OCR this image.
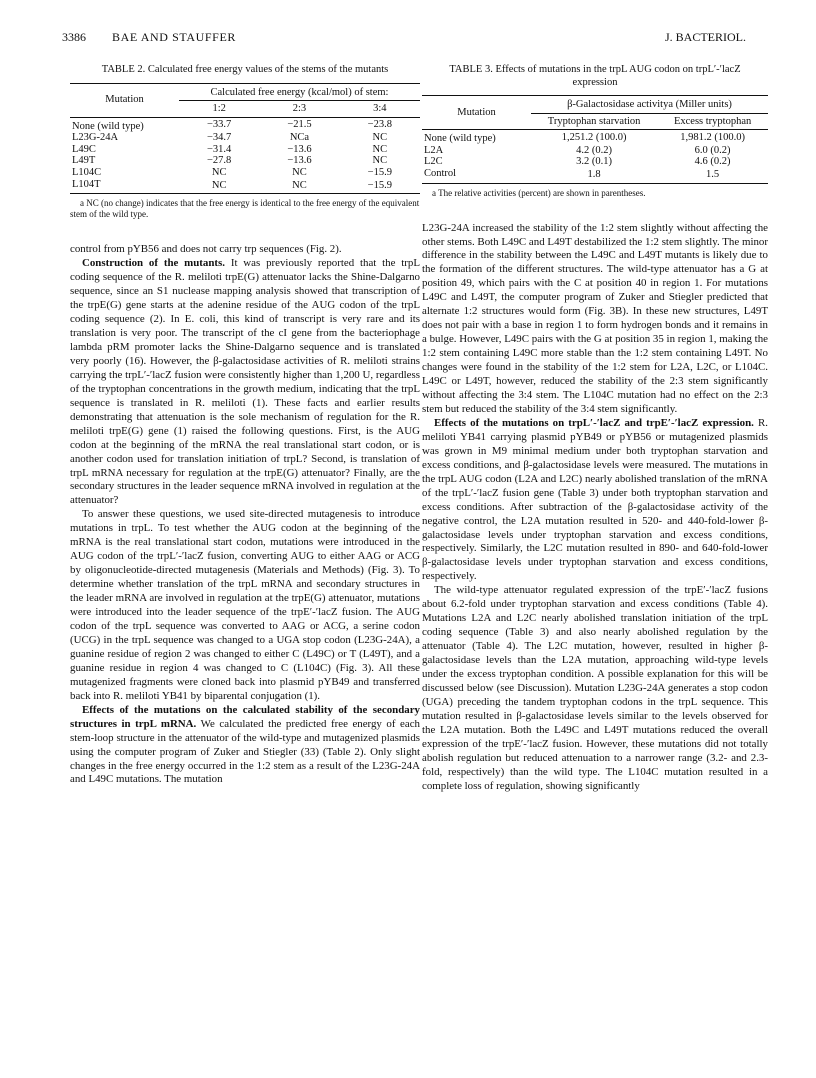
3386 BAE AND STAUFFER	J. BACTERIOL.
TABLE 2. Calculated free energy values of the stems of the mutants
Mutation	Calculated free energy (kcal/mol) of stem:		
	1:2	2:3	3:4
None (wild type)	−33.7	−21.5	−23.8
L23G-24A	−34.7	NCa	NC
L49C	−31.4	−13.6	NC
L49T	−27.8	−13.6	NC
L104C	NC	NC	−15.9
L104T	NC	NC	−15.9
a NC (no change) indicates that the free energy is identical to the free energy of the equivalent stem of the wild type.

control from pYB56 and does not carry trp sequences (Fig. 2).

Construction of the mutants. It was previously reported that the trpL coding sequence of the R. meliloti trpE(G) attenuator lacks the Shine-Dalgarno sequence, since an S1 nuclease mapping analysis showed that transcription of the trpE(G) gene starts at the adenine residue of the AUG codon of the trpL coding sequence (2). In E. coli, this kind of transcript is very rare and its translation is very poor. The transcript of the cI gene from the bacteriophage lambda pRM promoter lacks the Shine-Dalgarno sequence and is translated very poorly (16). However, the β-galactosidase activities of R. meliloti strains carrying the trpL′-′lacZ fusion were consistently higher than 1,200 U, regardless of the tryptophan concentrations in the growth medium, indicating that the trpL sequence is translated in R. meliloti (1). These facts and earlier results demonstrating that attenuation is the sole mechanism of regulation for the R. meliloti trpE(G) gene (1) raised the following questions. First, is the AUG codon at the beginning of the mRNA the real translational start codon, or is another codon used for translation initiation of trpL? Second, is translation of trpL mRNA necessary for regulation at the trpE(G) attenuator? Finally, are the secondary structures in the leader sequence mRNA involved in regulation at the attenuator?

To answer these questions, we used site-directed mutagenesis to introduce mutations in trpL. To test whether the AUG codon at the beginning of the mRNA is the real translational start codon, mutations were introduced in the AUG codon of the trpL′-′lacZ fusion, converting AUG to either AAG or ACG by oligonucleotide-directed mutagenesis (Materials and Methods) (Fig. 3). To determine whether translation of the trpL mRNA and secondary structures in the leader mRNA are involved in regulation at the trpE(G) attenuator, mutations were introduced into the leader sequence of the trpE′-′lacZ fusion. The AUG codon of the trpL sequence was converted to AAG or ACG, a serine codon (UCG) in the trpL sequence was changed to a UGA stop codon (L23G-24A), a guanine residue of region 2 was changed to either C (L49C) or T (L49T), and a guanine residue in region 4 was changed to C (L104C) (Fig. 3). All these mutagenized fragments were cloned back into plasmid pYB49 and transferred back into R. meliloti YB41 by biparental conjugation (1).

Effects of the mutations on the calculated stability of the secondary structures in trpL mRNA. We calculated the predicted free energy of each stem-loop structure in the attenuator of the wild-type and mutagenized plasmids using the computer program of Zuker and Stiegler (33) (Table 2). Only slight changes in the free energy occurred in the 1:2 stem as a result of the L23G-24A and L49C mutations. The mutation

TABLE 3. Effects of mutations in the trpL AUG codon on trpL′-′lacZ expression
Mutation	β-Galactosidase activitya (Miller units)	
	Tryptophan starvation	Excess tryptophan
None (wild type)	1,251.2 (100.0)	1,981.2 (100.0)
L2A	4.2 (0.2)	6.0 (0.2)
L2C	3.2 (0.1)	4.6 (0.2)
Control	1.8	1.5
a The relative activities (percent) are shown in parentheses.

L23G-24A increased the stability of the 1:2 stem slightly without affecting the other stems. Both L49C and L49T destabilized the 1:2 stem slightly. The minor difference in the stability between the L49C and L49T mutants is likely due to the formation of the different structures. The wild-type attenuator has a G at position 49, which pairs with the C at position 40 in region 1. For mutations L49C and L49T, the computer program of Zuker and Stiegler predicted that alternate 1:2 structures would form (Fig. 3B). In these new structures, L49T does not pair with a base in region 1 to form hydrogen bonds and it remains in a bulge. However, L49C pairs with the G at position 35 in region 1, making the 1:2 stem containing L49C more stable than the 1:2 stem containing L49T. No changes were found in the stability of the 1:2 stem for L2A, L2C, or L104C. L49C or L49T, however, reduced the stability of the 2:3 stem significantly without affecting the 3:4 stem. The L104C mutation had no effect on the 2:3 stem but reduced the stability of the 3:4 stem significantly.

Effects of the mutations on trpL′-′lacZ and trpE′-′lacZ expression. R. meliloti YB41 carrying plasmid pYB49 or pYB56 or mutagenized plasmids was grown in M9 minimal medium under both tryptophan starvation and excess conditions, and β-galactosidase levels were measured. The mutations in the trpL AUG codon (L2A and L2C) nearly abolished translation of the mRNA of the trpL′-′lacZ fusion gene (Table 3) under both tryptophan starvation and excess conditions. After subtraction of the β-galactosidase activity of the negative control, the L2A mutation resulted in 520- and 440-fold-lower β-galactosidase levels under tryptophan starvation and excess conditions, respectively. Similarly, the L2C mutation resulted in 890- and 640-fold-lower β-galactosidase levels under tryptophan starvation and excess conditions, respectively.

The wild-type attenuator regulated expression of the trpE′-′lacZ fusions about 6.2-fold under tryptophan starvation and excess conditions (Table 4). Mutations L2A and L2C nearly abolished translation initiation of the trpL coding sequence (Table 3) and also nearly abolished regulation by the attenuator (Table 4). The L2C mutation, however, resulted in higher β-galactosidase levels than the L2A mutation, approaching wild-type levels under the excess tryptophan condition. A possible explanation for this will be discussed below (see Discussion). Mutation L23G-24A generates a stop codon (UGA) preceding the tandem tryptophan codons in the trpL sequence. This mutation resulted in β-galactosidase levels similar to the levels observed for the L2A mutation. Both the L49C and L49T mutations reduced the overall expression of the trpE′-′lacZ fusion. However, these mutations did not totally abolish regulation but reduced attenuation to a narrower range (3.2- and 2.3-fold, respectively) than the wild type. The L104C mutation resulted in a complete loss of regulation, showing significantly
